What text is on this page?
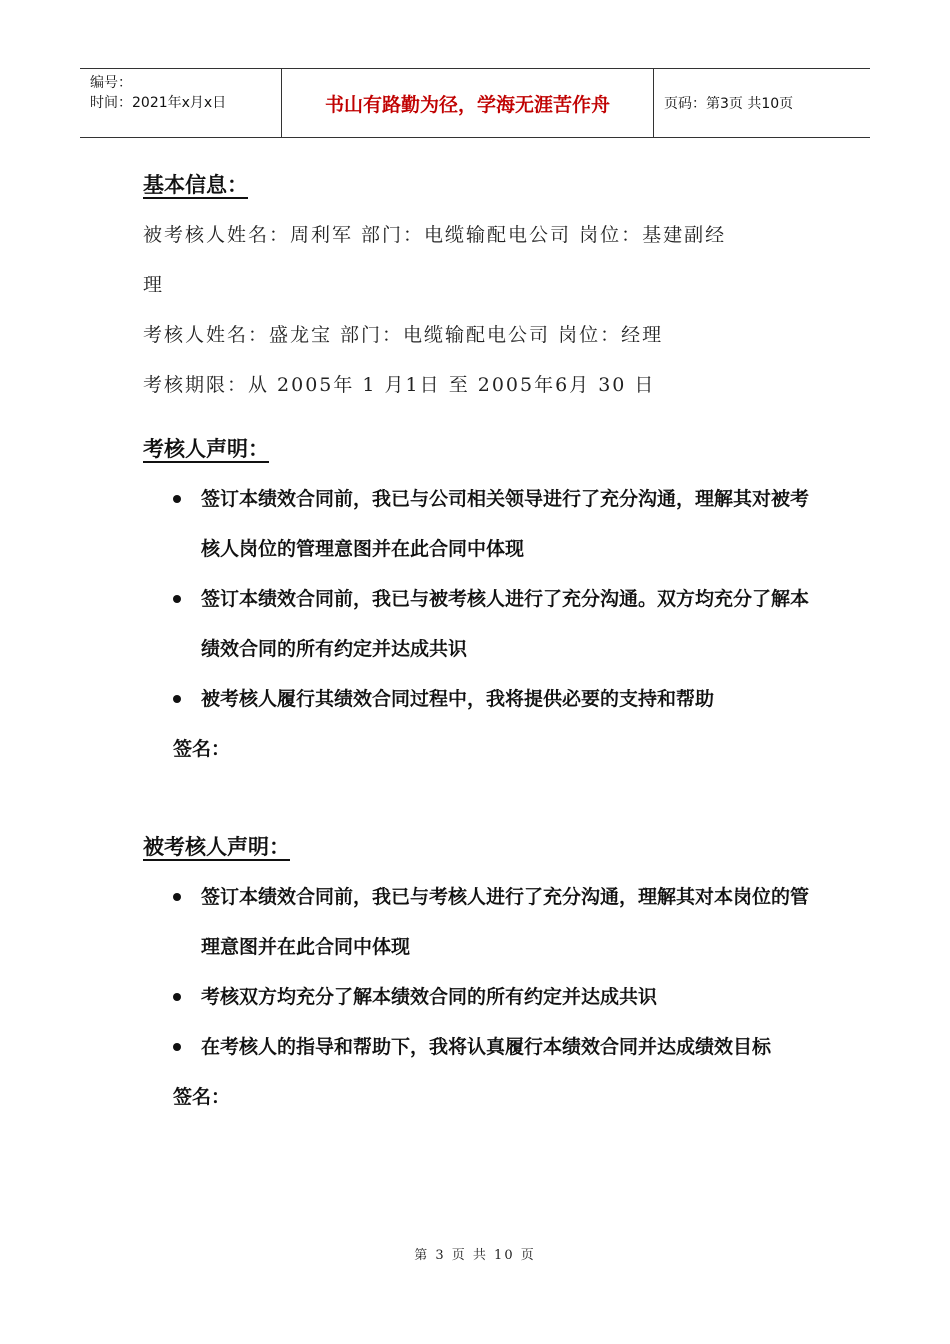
编号：
时间：2021年x月x日	书山有路勤为径，学海无涯苦作舟	页码：第3页 共10页
基本信息：

被考核人姓名：周利军 部门：电缆输配电公司 岗位：基建副经

理

考核人姓名：盛龙宝 部门：电缆输配电公司 岗位：经理

考核期限：从 2005年 1 月1日 至 2005年6月 30 日

考核人声明：
签订本绩效合同前，我已与公司相关领导进行了充分沟通，理解其对被考核人岗位的管理意图并在此合同中体现
签订本绩效合同前，我已与被考核人进行了充分沟通。双方均充分了解本绩效合同的所有约定并达成共识
被考核人履行其绩效合同过程中，我将提供必要的支持和帮助

签名：

被考核人声明：
签订本绩效合同前，我已与考核人进行了充分沟通，理解其对本岗位的管理意图并在此合同中体现
考核双方均充分了解本绩效合同的所有约定并达成共识
在考核人的指导和帮助下，我将认真履行本绩效合同并达成绩效目标

签名：

第 3 页 共 10 页
